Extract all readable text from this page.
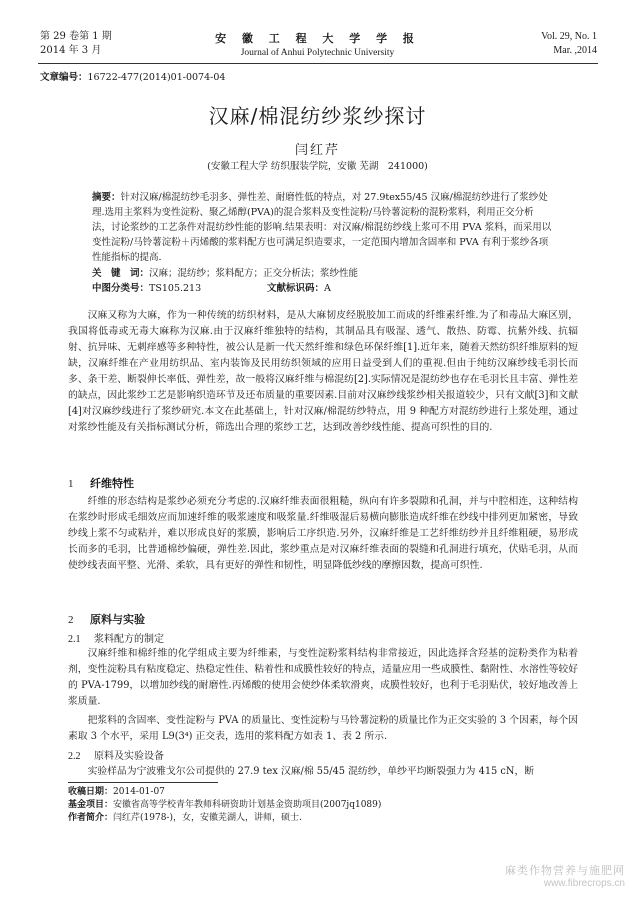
第 29 卷第 1 期
2014 年 3 月
安 徽 工 程 大 学 学 报
Journal of Anhui Polytechnic University
Vol. 29, No. 1
Mar. ,2014
文章编号：16722-477(2014)01-0074-04
汉麻/棉混纺纱浆纱探讨
闫红芹
(安徽工程大学 纺织服装学院，安徽 芜湖　241000)
摘要：针对汉麻/棉混纺纱毛羽多、弹性差、耐磨性低的特点，对 27.9tex55/45 汉麻/棉混纺纱进行了浆纱处理.选用主浆料为变性淀粉、聚乙烯醇(PVA)的混合浆料及变性淀粉/马铃薯淀粉的混粉浆料，利用正交分析法，讨论浆纱的工艺条件对混纺纱性能的影响.结果表明：对汉麻/棉混纺纱线上浆可不用 PVA 浆料，而采用以变性淀粉/马铃薯淀粉＋丙烯酸的浆料配方也可满足织造要求，一定范围内增加含固率和 PVA 有利于浆纱各项性能指标的提高.
关　键　词：汉麻；混纺纱；浆料配方；正交分析法；浆纱性能
中图分类号：TS105.213	文献标识码：A
汉麻又称为大麻，作为一种传统的纺织材料，是从大麻韧皮经脱胶加工而成的纤维素纤维.为了和毒品大麻区别，我国将低毒或无毒大麻称为汉麻.由于汉麻纤维独特的结构，其制品具有吸湿、透气、散热、防霉、抗紫外线、抗辐射、抗异味、无刺痒感等多种特性，被公认是新一代天然纤维和绿色环保纤维[1].近年来，随着天然纺织纤维原料的短缺，汉麻纤维在产业用纺织品、室内装饰及民用纺织领域的应用日益受到人们的重视.但由于纯纺汉麻纱线毛羽长而多、条干差、断裂伸长率低、弹性差，故一般将汉麻纤维与棉混纺[2].实际情况是混纺纱也存在毛羽长且丰富、弹性差的缺点，因此浆纱工艺是影响织造环节及还布质量的重要因素.目前对汉麻纱线浆纱相关报道较少，只有文献[3]和文献[4]对汉麻纱线进行了浆纱研究.本文在此基础上，针对汉麻/棉混纺纱特点，用 9 种配方对混纺纱进行上浆处理，通过对浆纱性能及有关指标测试分析，筛选出合理的浆纱工艺，达到改善纱线性能、提高可织性的目的.
1 纤维特性
纤维的形态结构是浆纱必须充分考虑的.汉麻纤维表面很粗糙，纵向有许多裂隙和孔洞，并与中腔相连，这种结构在浆纱时形成毛细效应而加速纤维的吸浆速度和吸浆量.纤维吸湿后易横向膨胀造成纤维在纱线中排列更加紧密，导致纱线上浆不匀或粘并，难以形成良好的浆膜，影响后工序织造.另外，汉麻纤维是工艺纤维纺纱并且纤维粗硬，易形成长而多的毛羽，比普通棉纱偏硬，弹性差.因此，浆纱重点是对汉麻纤维表面的裂缝和孔洞进行填充，伏贴毛羽，从而使纱线表面平整、光滑、柔软，具有更好的弹性和韧性，明显降低纱线的摩擦因数，提高可织性.
2 原料与实验
2.1 浆料配方的制定
汉麻纤维和棉纤维的化学组成主要为纤维素，与变性淀粉浆料结构非常接近，因此选择含羟基的淀粉类作为粘着剂，变性淀粉具有粘度稳定、热稳定性佳、粘着性和成膜性较好的特点，适量应用一些成膜性、黏附性、水溶性等较好的 PVA-1799，以增加纱线的耐磨性.丙烯酸的使用会使纱体柔软滑爽，成膜性较好，也利于毛羽贴伏，较好地改善上浆质量.
把浆料的含固率、变性淀粉与 PVA 的质量比、变性淀粉与马铃薯淀粉的质量比作为正交实验的 3 个因素，每个因素取 3 个水平，采用 L9(3⁴) 正交表，选用的浆料配方如表 1、表 2 所示.
2.2 原料及实验设备
实验样品为宁波雅戈尔公司提供的 27.9 tex 汉麻/棉 55/45 混纺纱，单纱平均断裂强力为 415 cN，断
收稿日期：2014-01-07
基金项目：安徽省高等学校青年教师科研资助计划基金资助项目(2007jq1089)
作者简介：闫红芹(1978-)，女，安徽芜湖人，讲师，硕士.
麻类作物营养与施肥网
www.fibrecrops.cn
